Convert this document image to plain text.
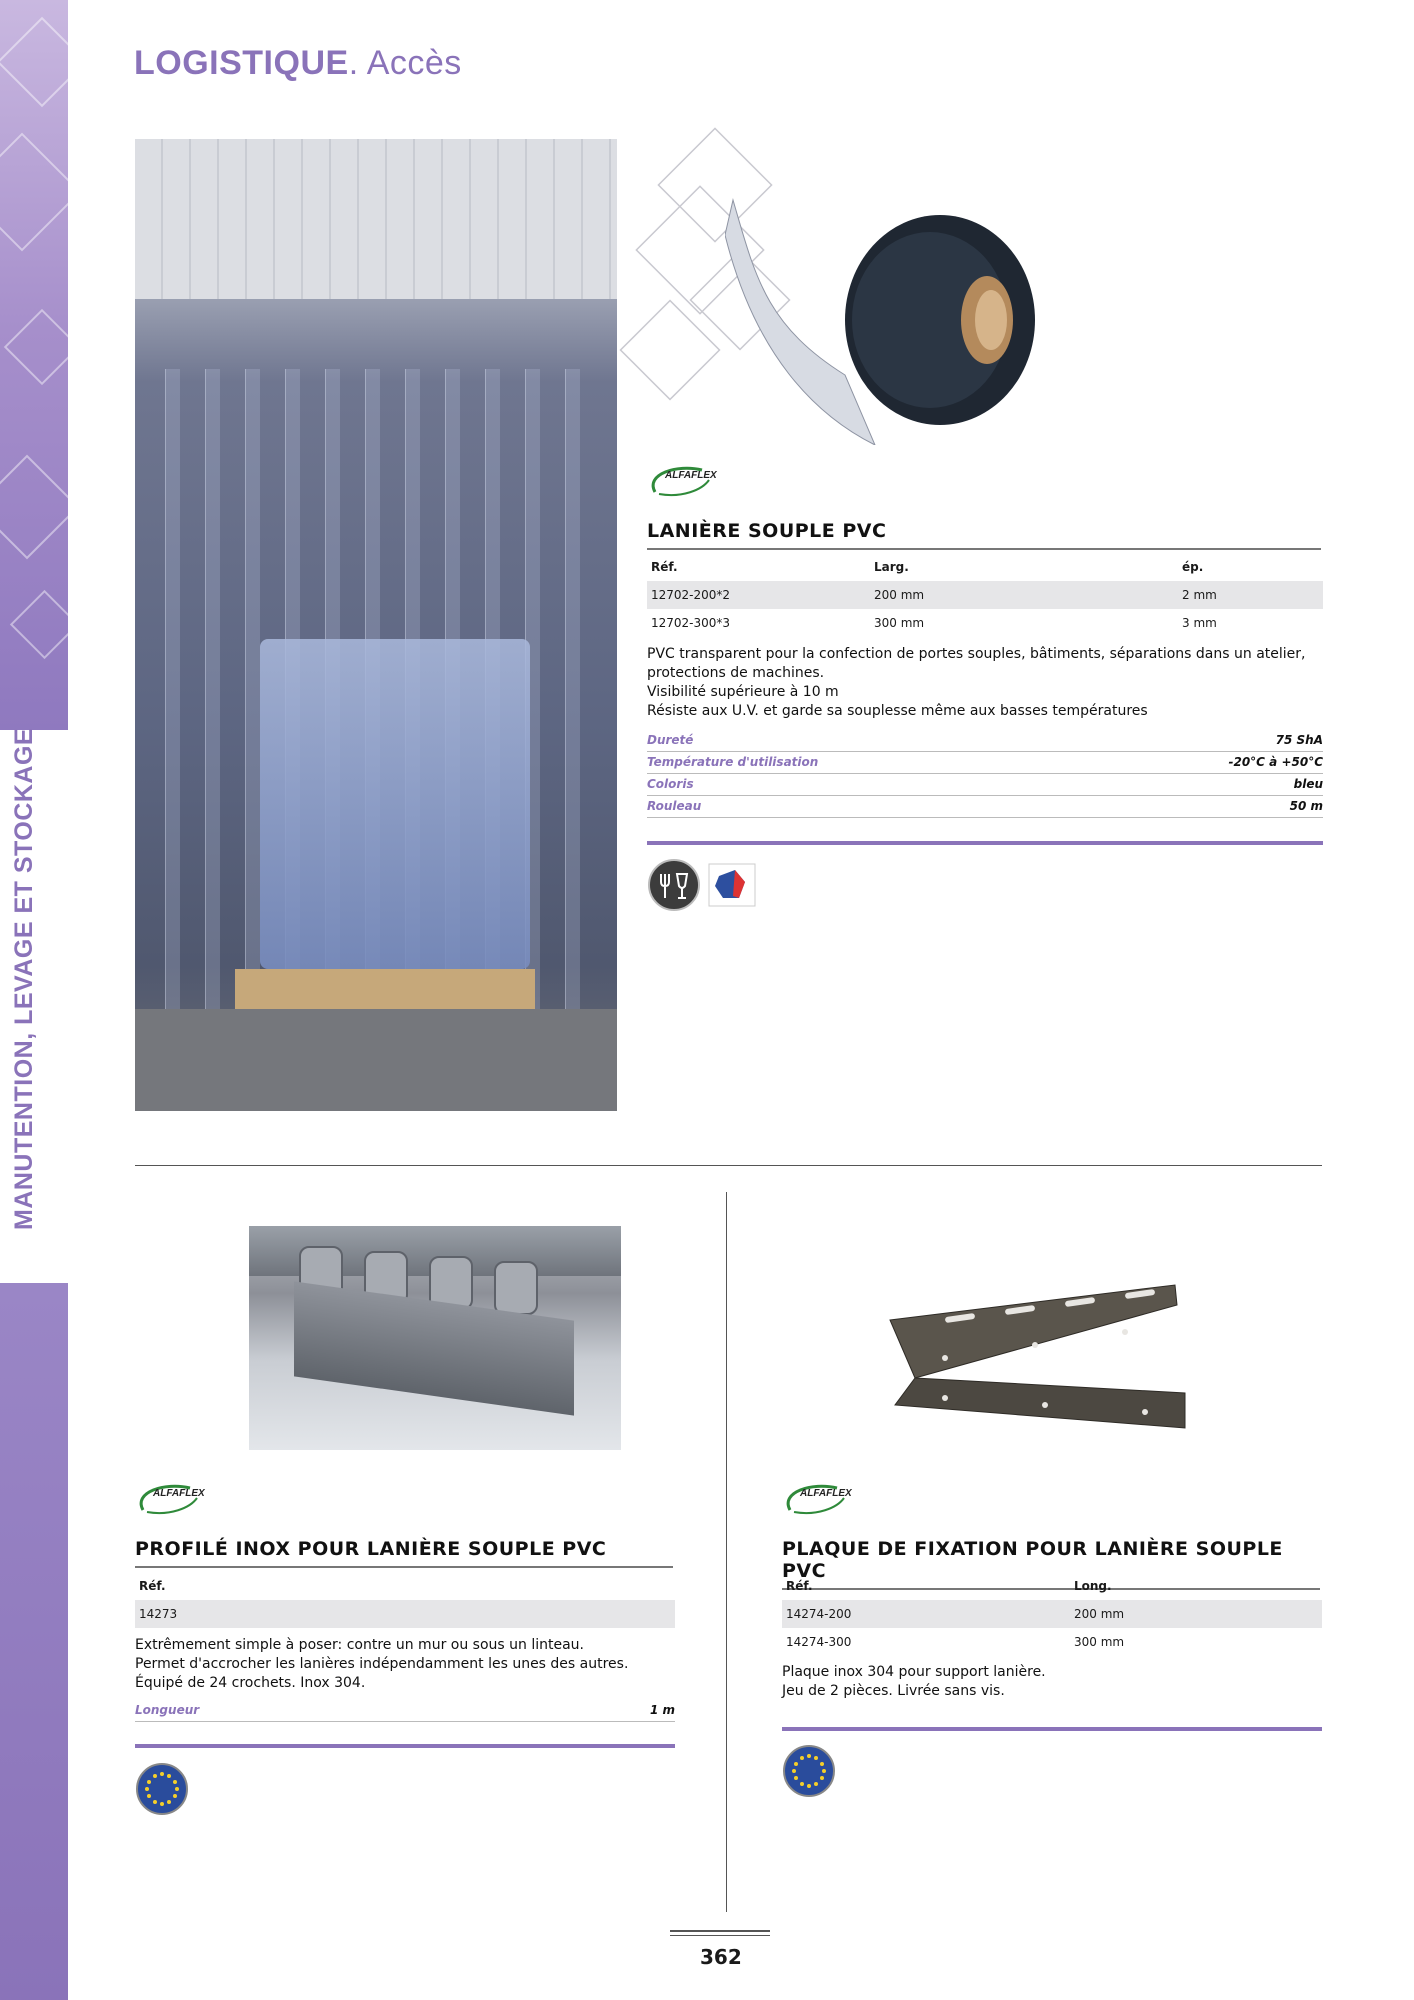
MANUTENTION, LEVAGE ET STOCKAGE
LOGISTIQUE. Accès
ALFAFLEX
LANIÈRE SOUPLE PVC
Réf.	Larg.	ép.
12702-200*2	200 mm	2 mm
12702-300*3	300 mm	3 mm
PVC transparent pour la confection de portes souples, bâtiments, séparations dans un atelier, protections de machines.
Visibilité supérieure à 10 m
Résiste aux U.V. et garde sa souplesse même aux basses températures
Dureté	75 ShA
Température d'utilisation	-20°C à +50°C
Coloris	bleu
Rouleau	50 m
ALFAFLEX
PROFILÉ INOX POUR LANIÈRE SOUPLE PVC
Réf.
14273
Extrêmement simple à poser: contre un mur ou sous un linteau.
Permet d'accrocher les lanières indépendamment les unes des autres.
Équipé de 24 crochets. Inox 304.
Longueur	1 m
ALFAFLEX
PLAQUE DE FIXATION POUR LANIÈRE SOUPLE PVC
Réf.	Long.
14274-200	200 mm
14274-300	300 mm
Plaque inox 304 pour support lanière.
Jeu de 2 pièces. Livrée sans vis.
362
